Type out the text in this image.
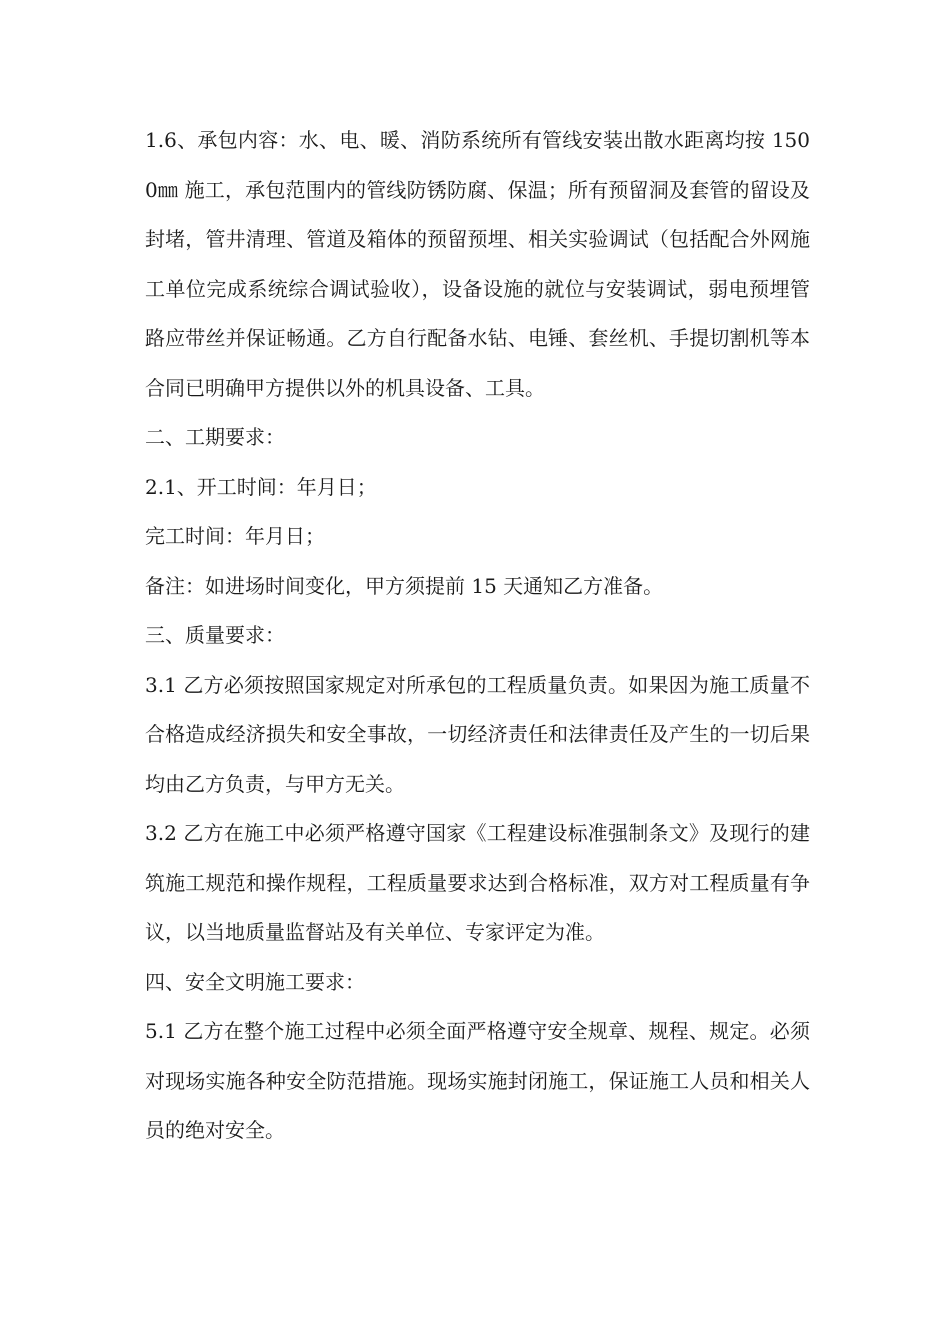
1.6、承包内容：水、电、暖、消防系统所有管线安装出散水距离均按 1500㎜ 施工，承包范围内的管线防锈防腐、保温；所有预留洞及套管的留设及封堵，管井清理、管道及箱体的预留预埋、相关实验调试（包括配合外网施工单位完成系统综合调试验收），设备设施的就位与安装调试，弱电预埋管路应带丝并保证畅通。乙方自行配备水钻、电锤、套丝机、手提切割机等本合同已明确甲方提供以外的机具设备、工具。

二、工期要求：

2.1、开工时间：年月日；

完工时间：年月日；

备注：如进场时间变化，甲方须提前 15 天通知乙方准备。

三、质量要求：

3.1 乙方必须按照国家规定对所承包的工程质量负责。如果因为施工质量不合格造成经济损失和安全事故，一切经济责任和法律责任及产生的一切后果均由乙方负责，与甲方无关。

3.2 乙方在施工中必须严格遵守国家《工程建设标准强制条文》及现行的建筑施工规范和操作规程，工程质量要求达到合格标准，双方对工程质量有争议，以当地质量监督站及有关单位、专家评定为准。

四、安全文明施工要求：

5.1 乙方在整个施工过程中必须全面严格遵守安全规章、规程、规定。必须对现场实施各种安全防范措施。现场实施封闭施工，保证施工人员和相关人员的绝对安全。
